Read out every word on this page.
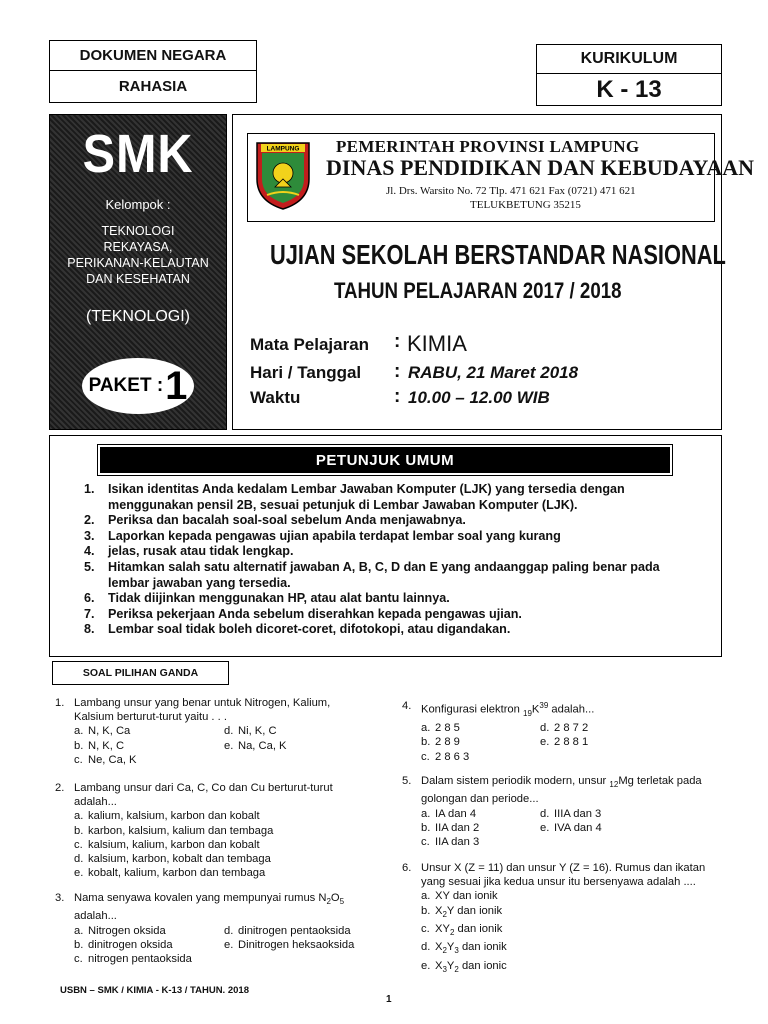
DOKUMEN NEGARA
RAHASIA
KURIKULUM
K - 13
SMK
Kelompok :
TEKNOLOGI
REKAYASA,
PERIKANAN-KELAUTAN
DAN KESEHATAN
(TEKNOLOGI)
PAKET : 1
LAMPUNG PEMERINTAH PROVINSI LAMPUNG
DINAS PENDIDIKAN DAN KEBUDAYAAN
Jl. Drs. Warsito No. 72 Tlp. 471 621 Fax (0721) 471 621
TELUKBETUNG 35215
UJIAN SEKOLAH BERSTANDAR NASIONAL
TAHUN PELAJARAN 2017 / 2018
Mata Pelajaran : KIMIA
Hari / Tanggal : RABU, 21 Maret 2018
Waktu	: 10.00 – 12.00 WIB
PETUNJUK UMUM
1. Isikan identitas Anda kedalam Lembar Jawaban Komputer (LJK) yang tersedia dengan menggunakan pensil 2B, sesuai petunjuk di Lembar Jawaban Komputer (LJK).
2. Periksa dan bacalah soal-soal sebelum Anda menjawabnya.
3. Laporkan kepada pengawas ujian apabila terdapat lembar soal yang kurang
4. jelas, rusak atau tidak lengkap.
5. Hitamkan salah satu alternatif jawaban A, B, C, D dan E yang andaanggap paling benar pada lembar jawaban yang tersedia.
6. Tidak diijinkan menggunakan HP, atau alat bantu lainnya.
7. Periksa pekerjaan Anda sebelum diserahkan kepada pengawas ujian.
8. Lembar soal tidak boleh dicoret-coret, difotokopi, atau digandakan.
SOAL PILIHAN GANDA
1. Lambang unsur yang benar untuk Nitrogen, Kalium, Kalsium berturut-turut yaitu . . .
a. N, K, Ca	d. Ni, K, C
b. N, K, C	e. Na, Ca, K
c. Ne, Ca, K
2. Lambang unsur dari Ca, C, Co dan Cu berturut-turut adalah...
a. kalium, kalsium, karbon dan kobalt
b. karbon, kalsium, kalium dan tembaga
c. kalsium, kalium, karbon dan kobalt
d. kalsium, karbon, kobalt dan tembaga
e. kobalt, kalium, karbon dan tembaga
3. Nama senyawa kovalen yang mempunyai rumus $N_2O_5$ adalah...
a. Nitrogen oksida	d. dinitrogen pentaoksida
b. dinitrogen oksida	e. Dinitrogen heksaoksida
c. nitrogen pentaoksida
4. Konfigurasi elektron $_{19}K^{39}$ adalah...
a. 2 8 5	d. 2 8 7 2
b. 2 8 9	e. 2 8 8 1
c. 2 8 6 3
5. Dalam sistem periodik modern, unsur $_{12}$Mg terletak pada golongan dan periode...
a. IA dan 4	d. IIIA dan 3
b. IIA dan 2	e. IVA dan 4
c. IIA dan 3
6. Unsur X (Z = 11) dan unsur Y (Z = 16). Rumus dan ikatan yang sesuai jika kedua unsur itu bersenyawa adalah ....
a. XY dan ionik
b. $X_2Y$ dan ionik
c. $XY_2$ dan ionik
d. $X_2Y_3$ dan ionik
e. $X_3Y_2$ dan ionic
USBN – SMK / KIMIA - K-13 / TAHUN. 2018
1
